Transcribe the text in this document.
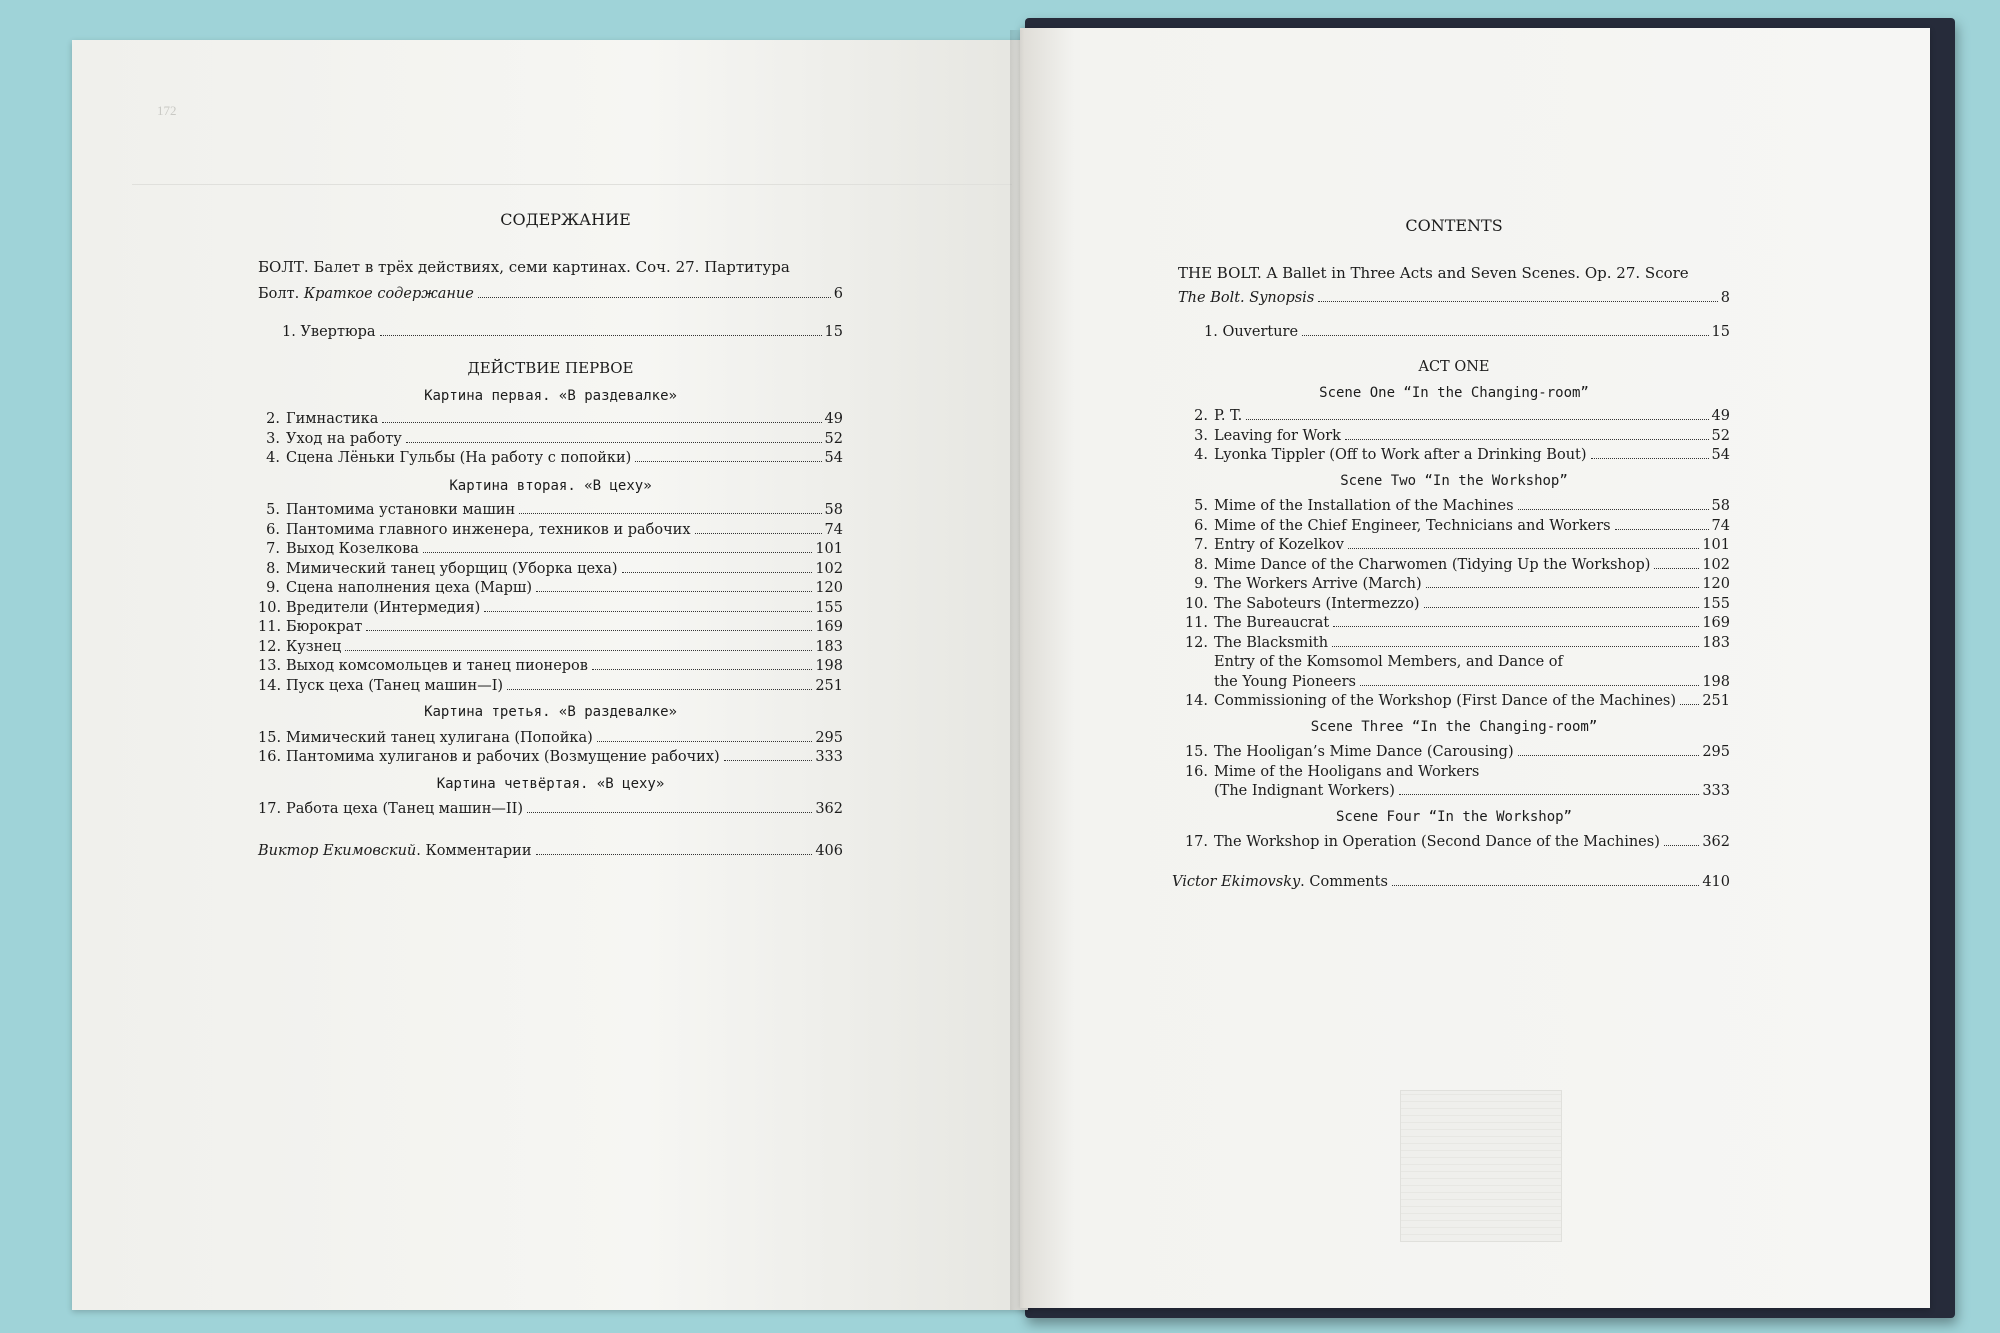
172
СОДЕРЖАНИЕ
БОЛТ. Балет в трёх действиях, семи картинах. Соч. 27. Партитура
Болт. Краткое содержание	6
1. Увертюра	15
ДЕЙСТВИЕ ПЕРВОЕ
Картина первая. «В раздевалке»
2. Гимнастика	49
3. Уход на работу	52
4. Сцена Лёньки Гульбы (На работу с попойки)	54
Картина вторая. «В цеху»
5. Пантомима установки машин	58
6. Пантомима главного инженера, техников и рабочих	74
7. Выход Козелкова	101
8. Мимический танец уборщиц (Уборка цеха)	102
9. Сцена наполнения цеха (Марш)	120
10. Вредители (Интермедия)	155
11. Бюрократ	169
12. Кузнец	183
13. Выход комсомольцев и танец пионеров	198
14. Пуск цеха (Танец машин—I)	251
Картина третья. «В раздевалке»
15. Мимический танец хулигана (Попойка)	295
16. Пантомима хулиганов и рабочих (Возмущение рабочих)	333
Картина четвёртая. «В цеху»
17. Работа цеха (Танец машин—II)	362
Виктор Екимовский. Комментарии	406
CONTENTS
THE BOLT. A Ballet in Three Acts and Seven Scenes. Op. 27. Score
The Bolt. Synopsis	8
1. Ouverture	15
ACT ONE
Scene One “In the Changing-room”
2. P. T.	49
3. Leaving for Work	52
4. Lyonka Tippler (Off to Work after a Drinking Bout)	54
Scene Two “In the Workshop”
5. Mime of the Installation of the Machines	58
6. Mime of the Chief Engineer, Technicians and Workers	74
7. Entry of Kozelkov	101
8. Mime Dance of the Charwomen (Tidying Up the Workshop)	102
9. The Workers Arrive (March)	120
10. The Saboteurs (Intermezzo)	155
11. The Bureaucrat	169
12. The Blacksmith	183
Entry of the Komsomol Members, and Dance of
the Young Pioneers	198
14. Commissioning of the Workshop (First Dance of the Machines) 251
Scene Three “In the Changing-room”
15. The Hooligan’s Mime Dance (Carousing)	295
16. Mime of the Hooligans and Workers
(The Indignant Workers)	333
Scene Four “In the Workshop”
17. The Workshop in Operation (Second Dance of the Machines)	362
Victor Ekimovsky. Comments	410
